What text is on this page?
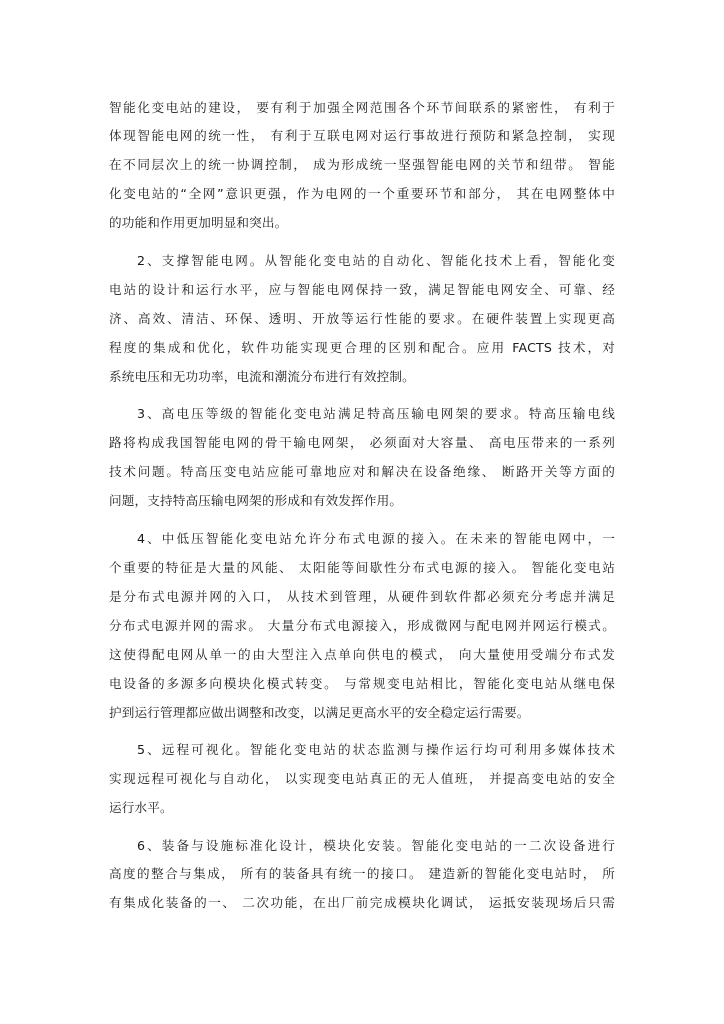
智能化变电站的建设， 要有利于加强全网范围各个环节间联系的紧密性， 有利于
体现智能电网的统一性， 有利于互联电网对运行事故进行预防和紧急控制， 实现
在不同层次上的统一协调控制， 成为形成统一坚强智能电网的关节和纽带。 智能
化变电站的“全网”意识更强，作为电网的一个重要环节和部分， 其在电网整体中
的功能和作用更加明显和突出。
2、支撑智能电网。从智能化变电站的自动化、智能化技术上看，智能化变
电站的设计和运行水平，应与智能电网保持一致，满足智能电网安全、可靠、经
济、高效、清洁、环保、透明、开放等运行性能的要求。在硬件装置上实现更高
程度的集成和优化，软件功能实现更合理的区别和配合。应用 FACTS 技术，对
系统电压和无功功率，电流和潮流分布进行有效控制。
3、高电压等级的智能化变电站满足特高压输电网架的要求。特高压输电线
路将构成我国智能电网的骨干输电网架， 必须面对大容量、 高电压带来的一系列
技术问题。特高压变电站应能可靠地应对和解决在设备绝缘、 断路开关等方面的
问题，支持特高压输电网架的形成和有效发挥作用。
4、中低压智能化变电站允许分布式电源的接入。在未来的智能电网中，一
个重要的特征是大量的风能、 太阳能等间歇性分布式电源的接入。 智能化变电站
是分布式电源并网的入口， 从技术到管理，从硬件到软件都必须充分考虑并满足
分布式电源并网的需求。 大量分布式电源接入，形成微网与配电网并网运行模式。
这使得配电网从单一的由大型注入点单向供电的模式， 向大量使用受端分布式发
电设备的多源多向模块化模式转变。 与常规变电站相比，智能化变电站从继电保
护到运行管理都应做出调整和改变，以满足更高水平的安全稳定运行需要。
5、远程可视化。智能化变电站的状态监测与操作运行均可利用多媒体技术
实现远程可视化与自动化， 以实现变电站真正的无人值班， 并提高变电站的安全
运行水平。
6、装备与设施标准化设计，模块化安装。智能化变电站的一二次设备进行
高度的整合与集成， 所有的装备具有统一的接口。 建造新的智能化变电站时， 所
有集成化装备的一、 二次功能，在出厂前完成模块化调试， 运抵安装现场后只需
